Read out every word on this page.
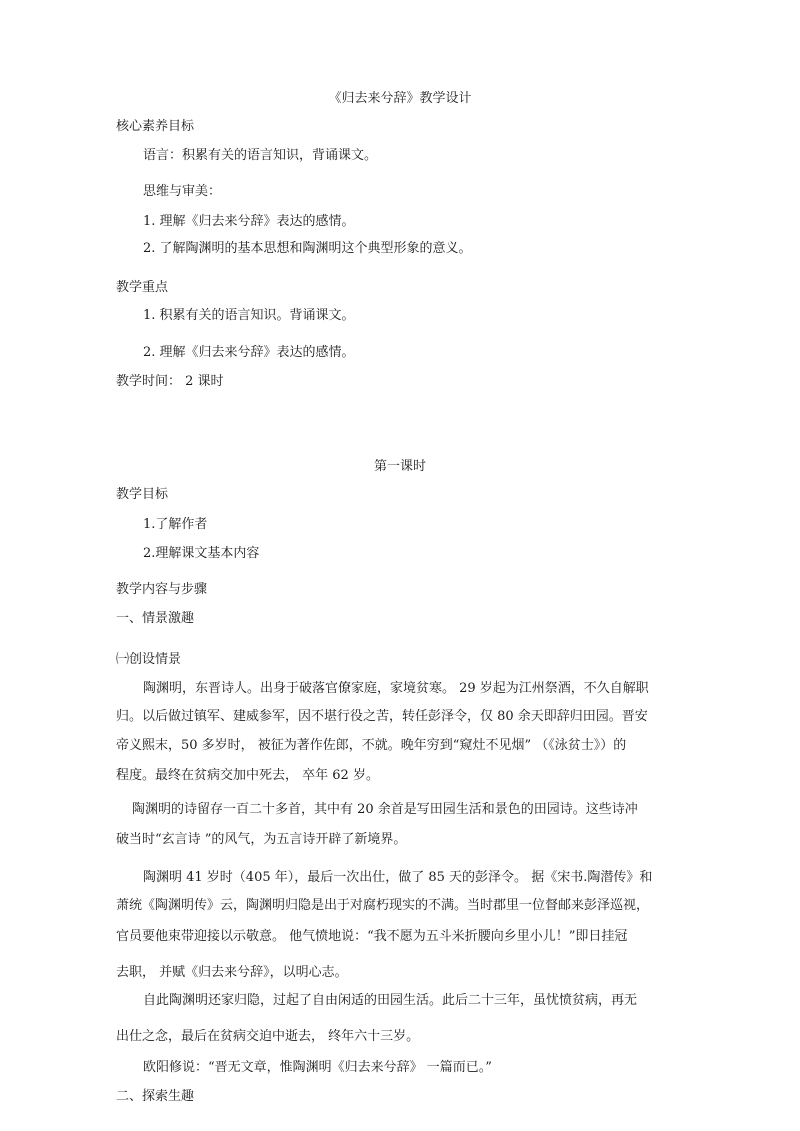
《归去来兮辞》教学设计
核心素养目标
语言：积累有关的语言知识，背诵课文。
思维与审美：
1. 理解《归去来兮辞》表达的感情。
2. 了解陶渊明的基本思想和陶渊明这个典型形象的意义。
教学重点
1. 积累有关的语言知识。背诵课文。
2. 理解《归去来兮辞》表达的感情。
教学时间： 2 课时
第一课时
教学目标
1.了解作者
2.理解课文基本内容
教学内容与步骤
一、情景激趣
㈠创设情景
陶渊明，东晋诗人。出身于破落官僚家庭，家境贫寒。 29 岁起为江州祭酒，不久自解职
归。以后做过镇军、建威参军，因不堪行役之苦，转任彭泽令，仅 80 余天即辞归田园。晋安
帝义熙末，50 多岁时， 被征为著作佐郎，不就。晚年穷到“窥灶不见烟” （《泳贫士》）的
程度。最终在贫病交加中死去， 卒年 62 岁。
陶渊明的诗留存一百二十多首，其中有 20 余首是写田园生活和景色的田园诗。这些诗冲
破当时“玄言诗 ”的风气，为五言诗开辟了新境界。
陶渊明 41 岁时（405 年），最后一次出仕，做了 85 天的彭泽令。 据《宋书.陶潜传》和
萧统《陶渊明传》云，陶渊明归隐是出于对腐朽现实的不满。当时郡里一位督邮来彭泽巡视，
官员要他束带迎接以示敬意。 他气愤地说：“我不愿为五斗米折腰向乡里小儿！”即日挂冠
去职， 并赋《归去来兮辞》，以明心志。
自此陶渊明还家归隐，过起了自由闲适的田园生活。此后二十三年，虽忧愤贫病，再无
出仕之念，最后在贫病交迫中逝去， 终年六十三岁。
欧阳修说：“晋无文章，惟陶渊明《归去来兮辞》 一篇而已。”
二、探索生趣
